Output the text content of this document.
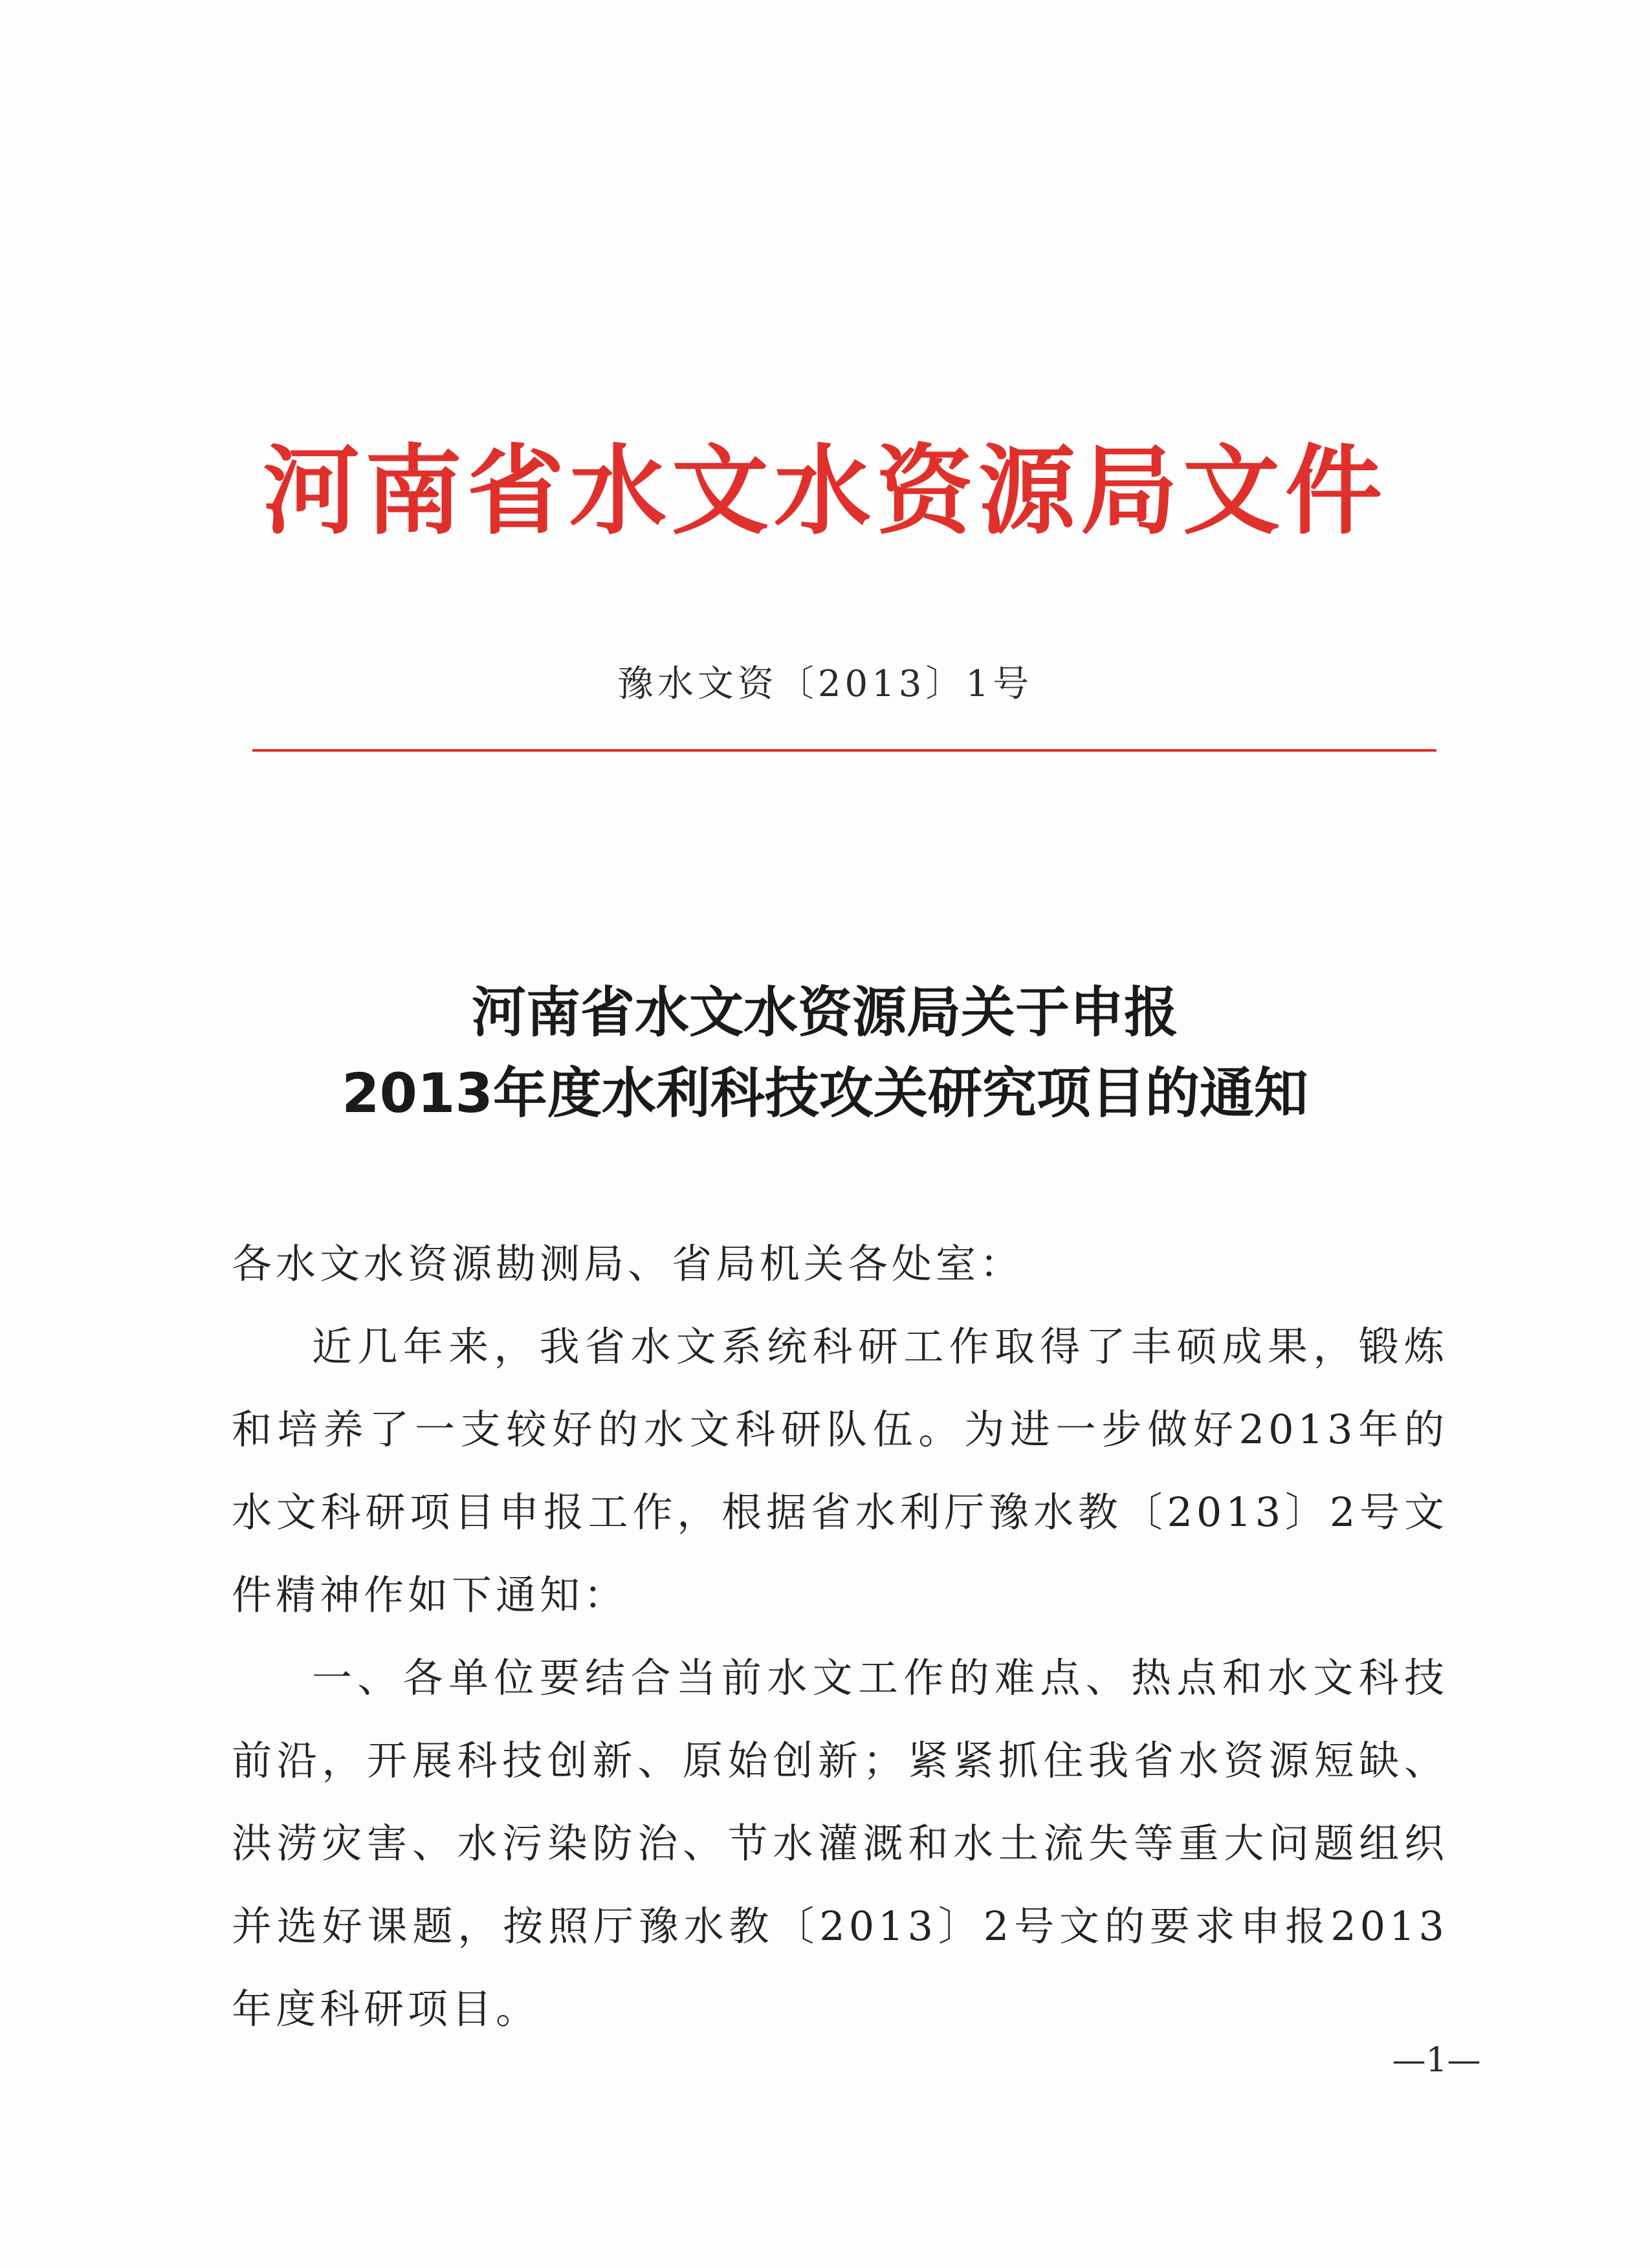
河南省水文水资源局文件
豫水文资〔2013〕1号
河南省水文水资源局关于申报
2013年度水利科技攻关研究项目的通知

各水文水资源勘测局、省局机关各处室：

近几年来，我省水文系统科研工作取得了丰硕成果，锻炼和培养了一支较好的水文科研队伍。为进一步做好2013年的水文科研项目申报工作，根据省水利厅豫水教〔2013〕2号文件精神作如下通知：

一、各单位要结合当前水文工作的难点、热点和水文科技前沿，开展科技创新、原始创新；紧紧抓住我省水资源短缺、洪涝灾害、水污染防治、节水灌溉和水土流失等重大问题组织并选好课题，按照厅豫水教〔2013〕2号文的要求申报2013年度科研项目。

—1—
